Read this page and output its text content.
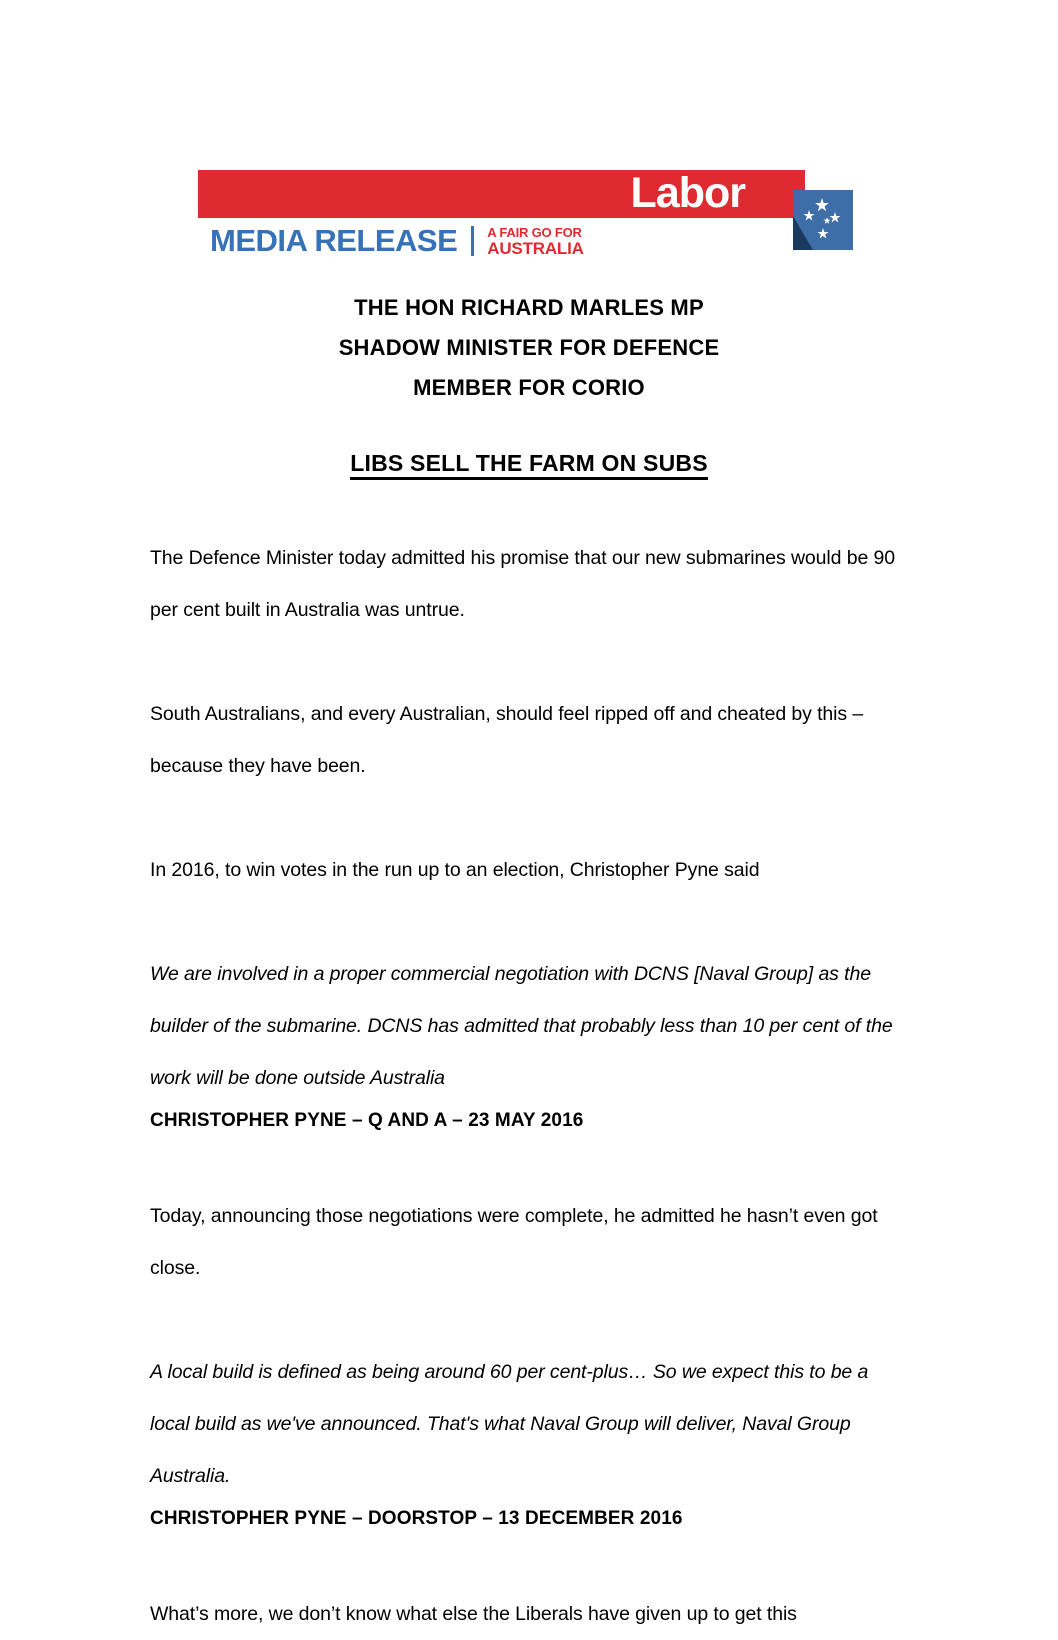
Labor
MEDIA RELEASE A FAIR GO FOR
AUSTRALIA
THE HON RICHARD MARLES MP
SHADOW MINISTER FOR DEFENCE
MEMBER FOR CORIO
LIBS SELL THE FARM ON SUBS

The Defence Minister today admitted his promise that our new submarines would be 90 per cent built in Australia was untrue.

South Australians, and every Australian, should feel ripped off and cheated by this – because they have been.

In 2016, to win votes in the run up to an election, Christopher Pyne said

We are involved in a proper commercial negotiation with DCNS [Naval Group] as the builder of the submarine. DCNS has admitted that probably less than 10 per cent of the work will be done outside Australia

CHRISTOPHER PYNE – Q AND A – 23 MAY 2016

Today, announcing those negotiations were complete, he admitted he hasn’t even got close.

A local build is defined as being around 60 per cent-plus… So we expect this to be a local build as we've announced. That's what Naval Group will deliver, Naval Group Australia.

CHRISTOPHER PYNE – DOORSTOP – 13 DECEMBER 2016

What’s more, we don’t know what else the Liberals have given up to get this
